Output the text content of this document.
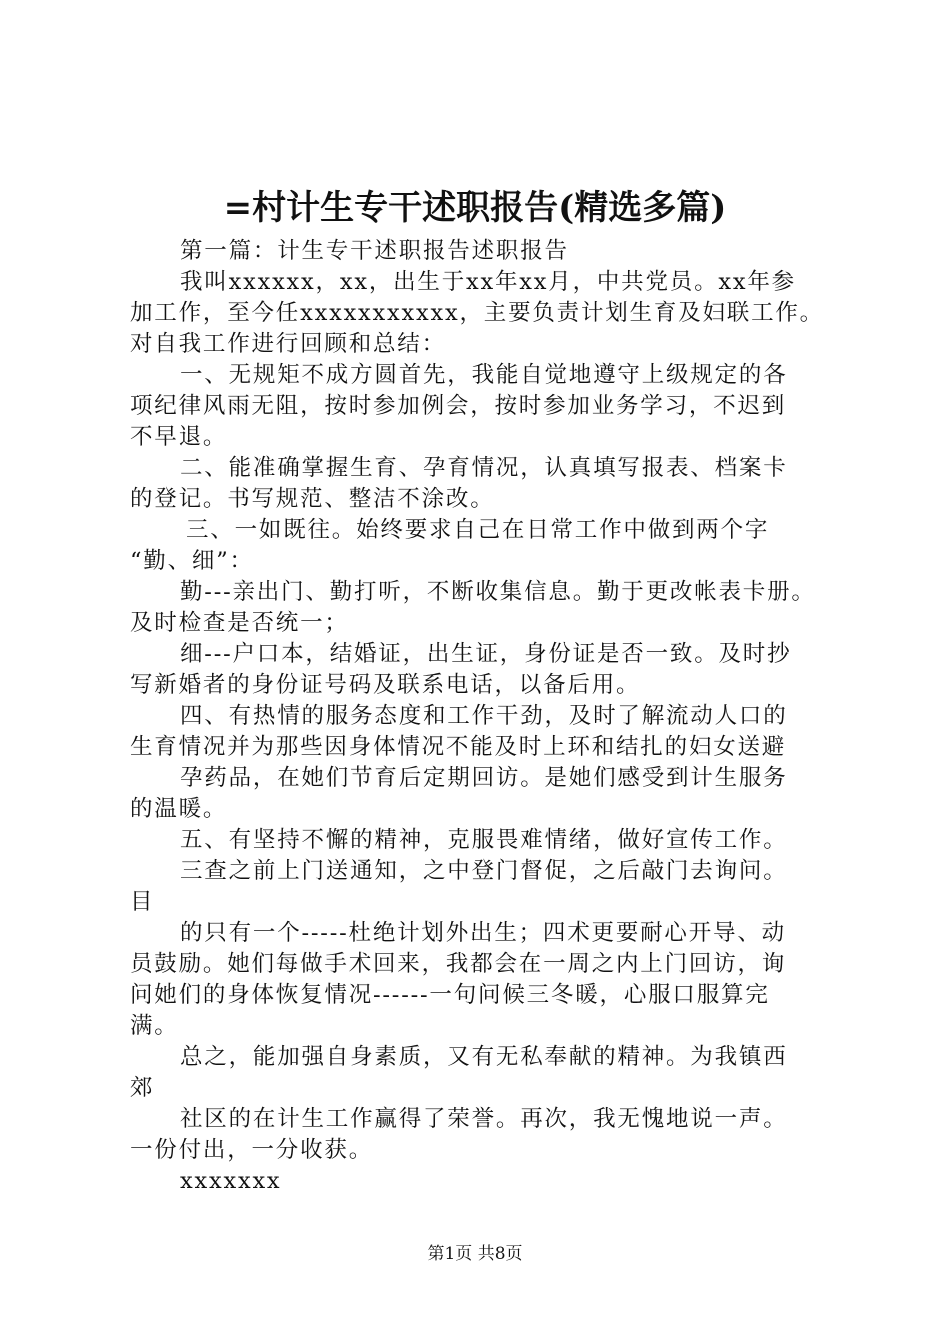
=村计生专干述职报告(精选多篇)
第一篇：计生专干述职报告述职报告
我叫xxxxxx，xx，出生于xx年xx月，中共党员。xx年参
加工作，至今任xxxxxxxxxxx，主要负责计划生育及妇联工作。
对自我工作进行回顾和总结：
一、无规矩不成方圆首先，我能自觉地遵守上级规定的各
项纪律风雨无阻，按时参加例会，按时参加业务学习，不迟到
不早退。
二、能准确掌握生育、孕育情况，认真填写报表、档案卡
的登记。书写规范、整洁不涂改。
三、一如既往。始终要求自己在日常工作中做到两个字
“勤、细”：
勤---亲出门、勤打听，不断收集信息。勤于更改帐表卡册。
及时检查是否统一；
细---户口本，结婚证，出生证，身份证是否一致。及时抄
写新婚者的身份证号码及联系电话，以备后用。
四、有热情的服务态度和工作干劲，及时了解流动人口的
生育情况并为那些因身体情况不能及时上环和结扎的妇女送避
孕药品，在她们节育后定期回访。是她们感受到计生服务
的温暖。
五、有坚持不懈的精神，克服畏难情绪，做好宣传工作。
三查之前上门送通知，之中登门督促，之后敲门去询问。
目
的只有一个-----杜绝计划外出生；四术更要耐心开导、动
员鼓励。她们每做手术回来，我都会在一周之内上门回访，询
问她们的身体恢复情况------一句问候三冬暖，心服口服算完
满。
总之，能加强自身素质，又有无私奉献的精神。为我镇西
郊
社区的在计生工作赢得了荣誉。再次，我无愧地说一声。
一份付出，一分收获。
xxxxxxx
第1页 共8页
